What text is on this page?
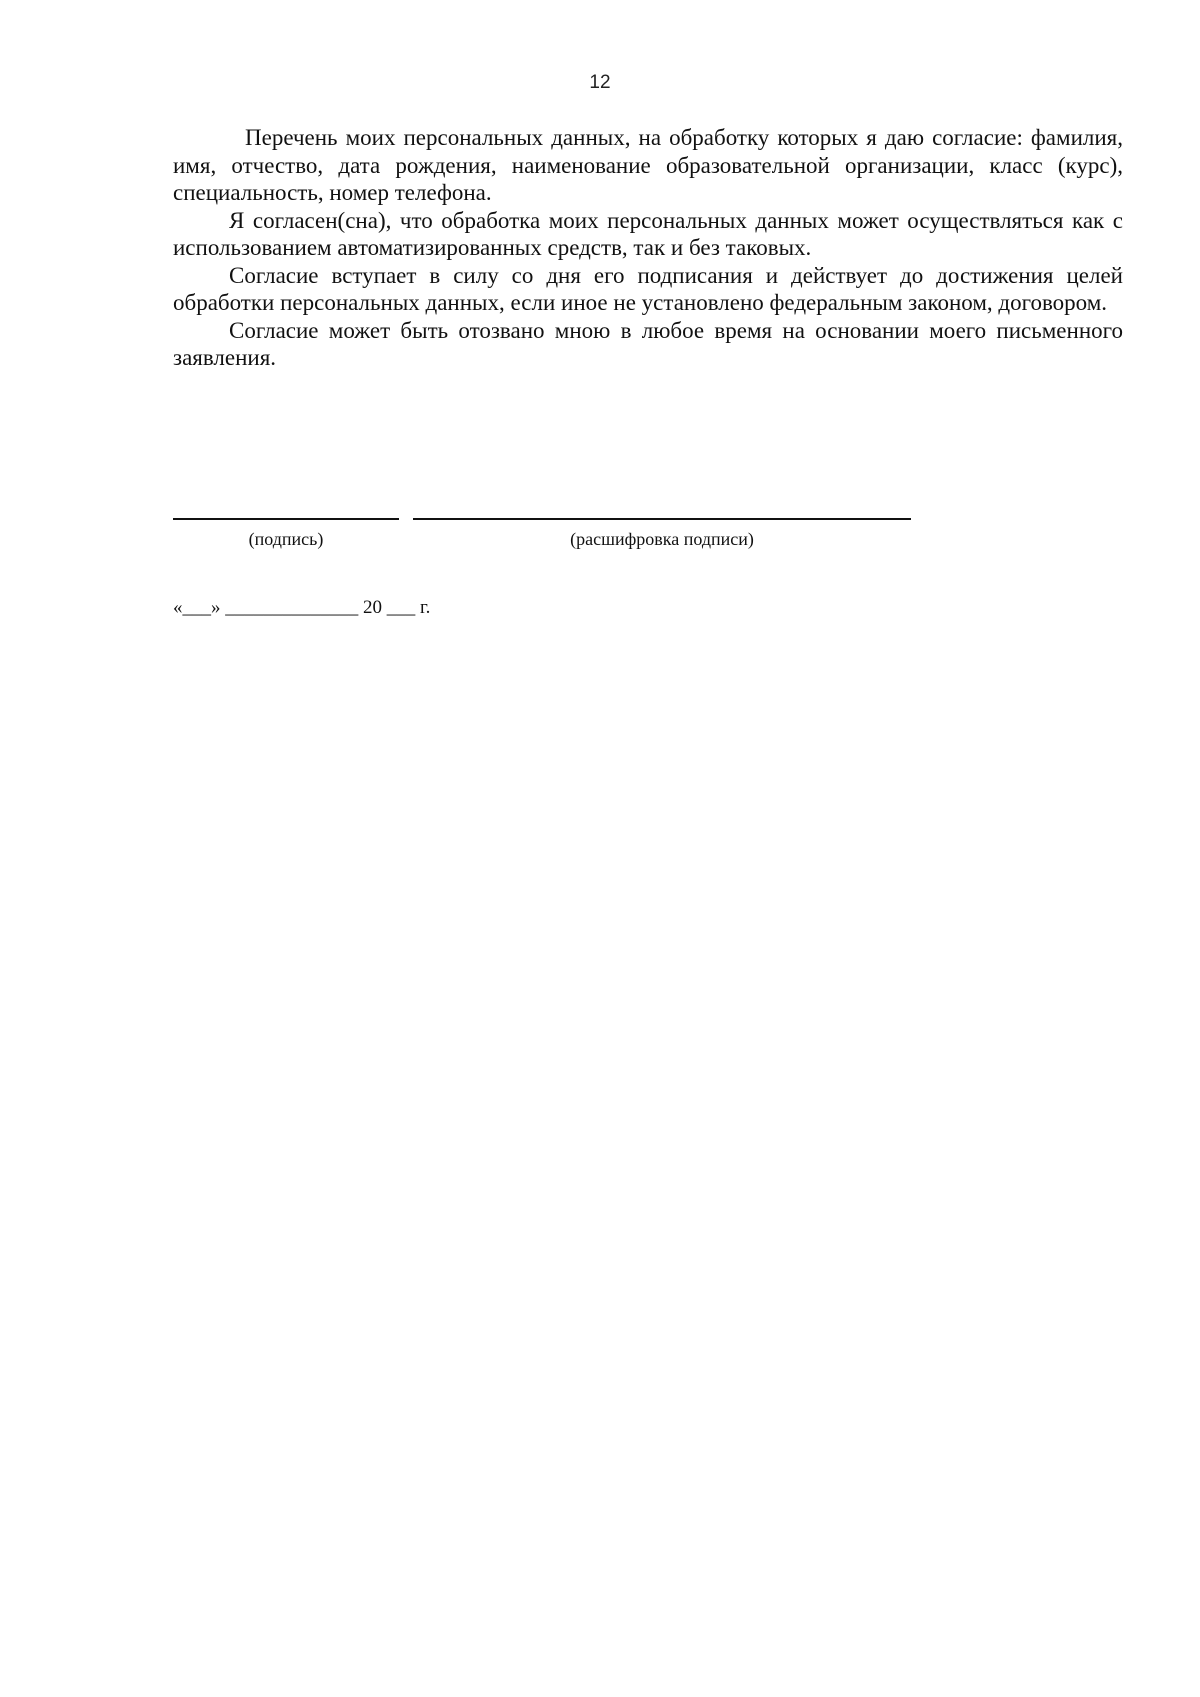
12

Перечень моих персональных данных, на обработку которых я даю согласие: фамилия, имя, отчество, дата рождения, наименование образовательной организации, класс (курс), специальность, номер телефона.

Я согласен(сна), что обработка моих персональных данных может осуществляться как с использованием автоматизированных средств, так и без таковых.

Согласие вступает в силу со дня его подписания и действует до достижения целей обработки персональных данных, если иное не установлено федеральным законом, договором.

Согласие может быть отозвано мною в любое время на основании моего письменного заявления.

(подпись)	(расшифровка подписи)
«___» ______________ 20 ___ г.
